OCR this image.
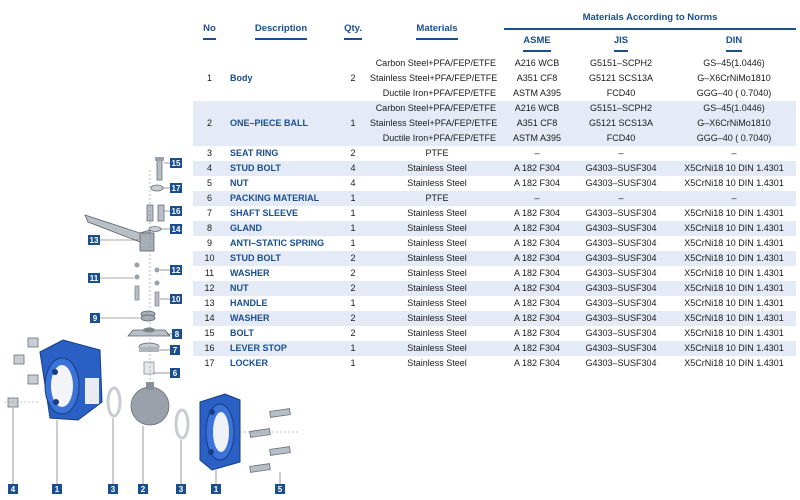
1	3	2	3
4	1	5
6
7
8
9
10
11
12
13
14
16
17
15
No	Description	Qty.	Materials	Materials According to Norms		
				ASME	JIS	DIN
1	Body	2	Carbon Steel+PFA/FEP/ETFE	A216 WCB	G5151–SCPH2	GS–45(1.0446)
			Stainless Steel+PFA/FEP/ETFE	A351 CF8	G5121 SCS13A	G–X6CrNiMo1810
			Ductile Iron+PFA/FEP/ETFE	ASTM A395	FCD40	GGG–40 ( 0.7040)
2	ONE–PIECE BALL	1	Carbon Steel+PFA/FEP/ETFE	A216 WCB	G5151–SCPH2	GS–45(1.0446)
			Stainless Steel+PFA/FEP/ETFE	A351 CF8	G5121 SCS13A	G–X6CrNiMo1810
			Ductile Iron+PFA/FEP/ETFE	ASTM A395	FCD40	GGG–40 ( 0.7040)
3	SEAT RING	2	PTFE	–	–	–
4	STUD BOLT	4	Stainless Steel	A 182 F304	G4303–SUSF304	X5CrNi18 10 DIN 1.4301
5	NUT	4	Stainless Steel	A 182 F304	G4303–SUSF304	X5CrNi18 10 DIN 1.4301
6	PACKING MATERIAL	1	PTFE	–	–	–
7	SHAFT SLEEVE	1	Stainless Steel	A 182 F304	G4303–SUSF304	X5CrNi18 10 DIN 1.4301
8	GLAND	1	Stainless Steel	A 182 F304	G4303–SUSF304	X5CrNi18 10 DIN 1.4301
9	ANTI–STATIC SPRING	1	Stainless Steel	A 182 F304	G4303–SUSF304	X5CrNi18 10 DIN 1.4301
10	STUD BOLT	2	Stainless Steel	A 182 F304	G4303–SUSF304	X5CrNi18 10 DIN 1.4301
11	WASHER	2	Stainless Steel	A 182 F304	G4303–SUSF304	X5CrNi18 10 DIN 1.4301
12	NUT	2	Stainless Steel	A 182 F304	G4303–SUSF304	X5CrNi18 10 DIN 1.4301
13	HANDLE	1	Stainless Steel	A 182 F304	G4303–SUSF304	X5CrNi18 10 DIN 1.4301
14	WASHER	2	Stainless Steel	A 182 F304	G4303–SUSF304	X5CrNi18 10 DIN 1.4301
15	BOLT	2	Stainless Steel	A 182 F304	G4303–SUSF304	X5CrNi18 10 DIN 1.4301
16	LEVER STOP	1	Stainless Steel	A 182 F304	G4303–SUSF304	X5CrNi18 10 DIN 1.4301
17	LOCKER	1	Stainless Steel	A 182 F304	G4303–SUSF304	X5CrNi18 10 DIN 1.4301
